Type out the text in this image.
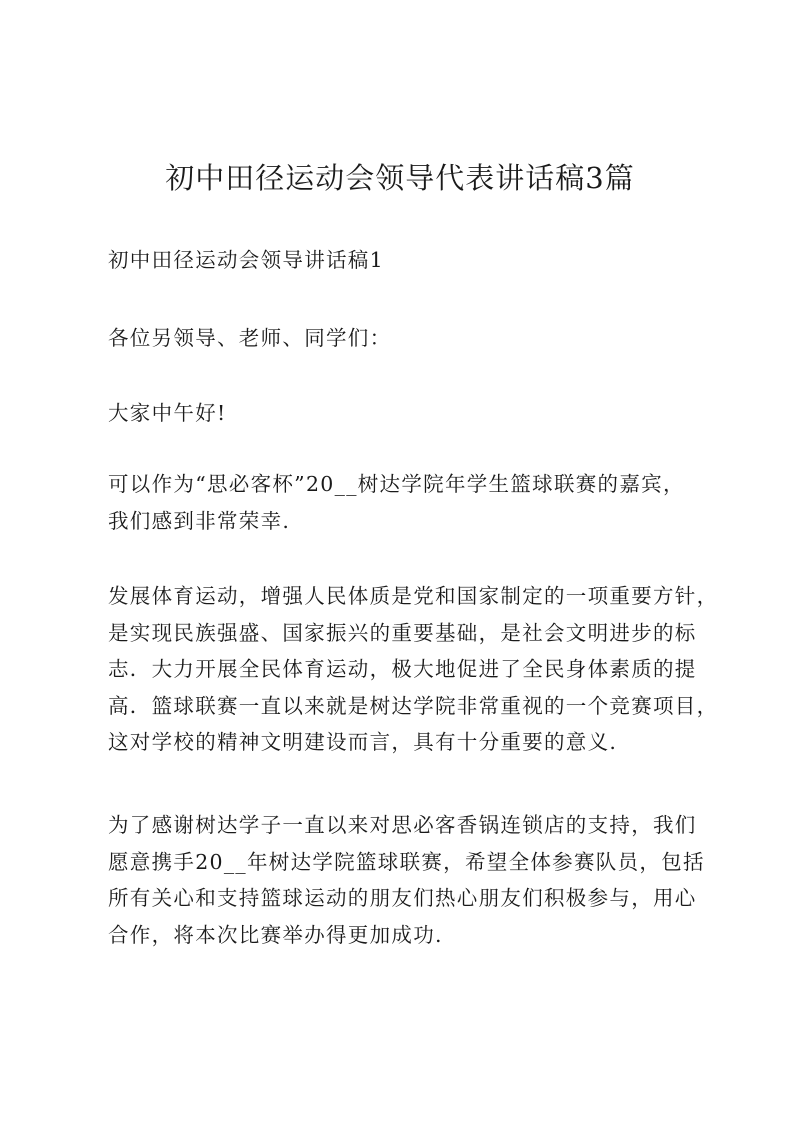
初中田径运动会领导代表讲话稿3篇

初中田径运动会领导讲话稿1

各位另领导、老师、同学们：

大家中午好!

可以作为“思必客杯”20__树达学院年学生篮球联赛的嘉宾，
我们感到非常荣幸.
发展体育运动，增强人民体质是党和国家制定的一项重要方针，
是实现民族强盛、国家振兴的重要基础，是社会文明进步的标
志．大力开展全民体育运动，极大地促进了全民身体素质的提
高．篮球联赛一直以来就是树达学院非常重视的一个竞赛项目，
这对学校的精神文明建设而言，具有十分重要的意义.
为了感谢树达学子一直以来对思必客香锅连锁店的支持，我们
愿意携手20__年树达学院篮球联赛，希望全体参赛队员，包括
所有关心和支持篮球运动的朋友们热心朋友们积极参与，用心
合作，将本次比赛举办得更加成功.
